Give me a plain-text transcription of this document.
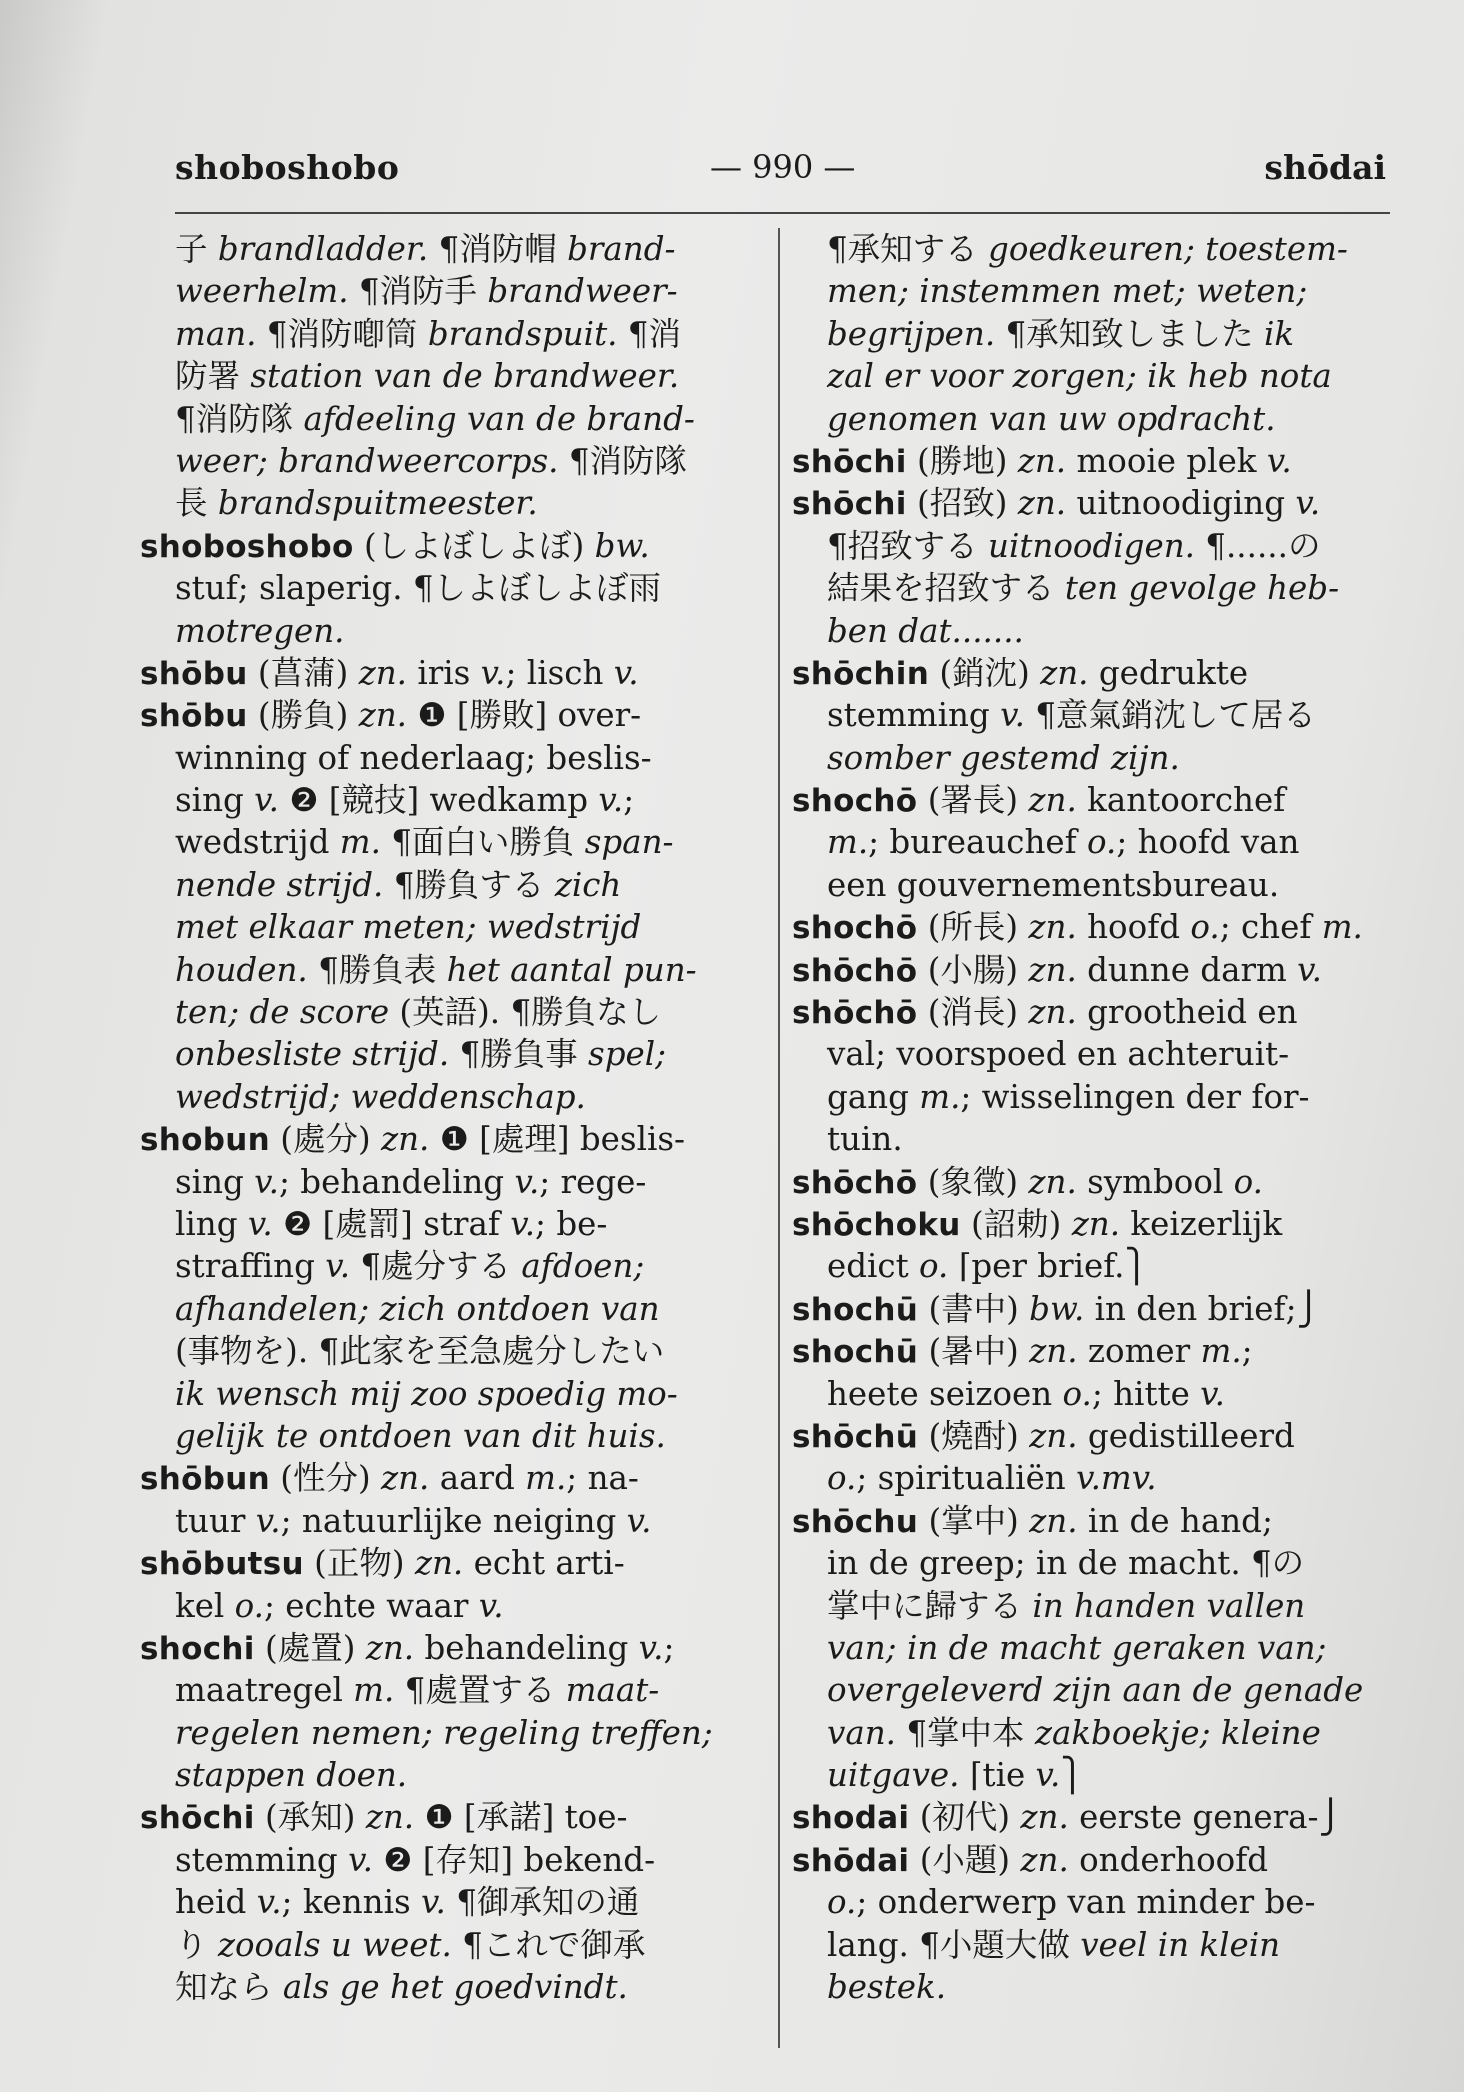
shoboshobo	— 990 —	shōdai
子 brandladder. ¶消防帽 brand-
weerhelm. ¶消防手 brandweer-
man. ¶消防喞筒 brandspuit. ¶消
防署 station van de brandweer.
¶消防隊 afdeeling van de brand-
weer; brandweercorps. ¶消防隊
長 brandspuitmeester.
shoboshobo (しよぼしよぼ) bw.
stuf; slaperig. ¶しよぼしよぼ雨
motregen.
shōbu (菖蒲) zn. iris v.; lisch v.
shōbu (勝負) zn. ❶ [勝敗] over-
winning of nederlaag; beslis-
sing v. ❷ [競技] wedkamp v.;
wedstrijd m. ¶面白い勝負 span-
nende strijd. ¶勝負する zich
met elkaar meten; wedstrijd
houden. ¶勝負表 het aantal pun-
ten; de score (英語). ¶勝負なし
onbesliste strijd. ¶勝負事 spel;
wedstrijd; weddenschap.
shobun (處分) zn. ❶ [處理] beslis-
sing v.; behandeling v.; rege-
ling v. ❷ [處罰] straf v.; be-
straffing v. ¶處分する afdoen;
afhandelen; zich ontdoen van
(事物を). ¶此家を至急處分したい
ik wensch mij zoo spoedig mo-
gelijk te ontdoen van dit huis.
shōbun (性分) zn. aard m.; na-
tuur v.; natuurlijke neiging v.
shōbutsu (正物) zn. echt arti-
kel o.; echte waar v.
shochi (處置) zn. behandeling v.;
maatregel m. ¶處置する maat-
regelen nemen; regeling treffen;
stappen doen.
shōchi (承知) zn. ❶ [承諾] toe-
stemming v. ❷ [存知] bekend-
heid v.; kennis v. ¶御承知の通
り zooals u weet. ¶これで御承
知なら als ge het goedvindt.
¶承知する goedkeuren; toestem-
men; instemmen met; weten;
begrijpen. ¶承知致しました ik
zal er voor zorgen; ik heb nota
genomen van uw opdracht.
shōchi (勝地) zn. mooie plek v.
shōchi (招致) zn. uitnoodiging v.
¶招致する uitnoodigen. ¶......の
結果を招致する ten gevolge heb-
ben dat.......
shōchin (銷沈) zn. gedrukte
stemming v. ¶意氣銷沈して居る
somber gestemd zijn.
shochō (署長) zn. kantoorchef
m.; bureauchef o.; hoofd van
een gouvernementsbureau.
shochō (所長) zn. hoofd o.; chef m.
shōchō (小腸) zn. dunne darm v.
shōchō (消長) zn. grootheid en
val; voorspoed en achteruit-
gang m.; wisselingen der for-
tuin.
shōchō (象徵) zn. symbool o.
shōchoku (詔勅) zn. keizerlijk
edict o. ⌈per brief.⎫
shochū (書中) bw. in den brief;⎭
shochū (暑中) zn. zomer m.;
heete seizoen o.; hitte v.
shōchū (燒酎) zn. gedistilleerd
o.; spiritualiën v.mv.
shōchu (掌中) zn. in de hand;
in de greep; in de macht. ¶の
掌中に歸する in handen vallen
van; in de macht geraken van;
overgeleverd zijn aan de genade
van. ¶掌中本 zakboekje; kleine
uitgave. ⌈tie v.⎫
shodai (初代) zn. eerste genera-⎭
shōdai (小題) zn. onderhoofd
o.; onderwerp van minder be-
lang. ¶小題大做 veel in klein
bestek.
